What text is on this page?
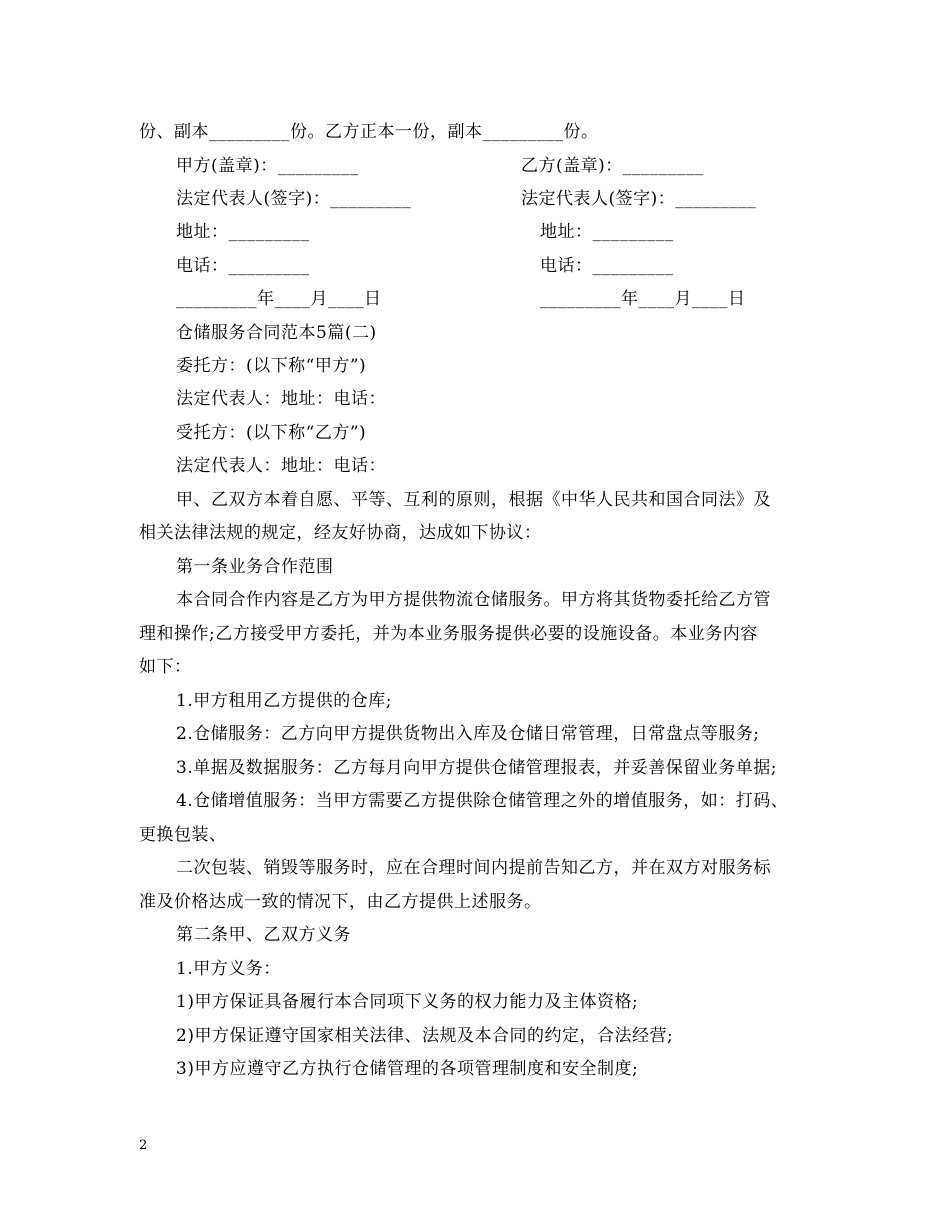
份、副本_________份。乙方正本一份，副本_________份。
甲方(盖章)：_________	乙方(盖章)：_________
法定代表人(签字)：_________	法定代表人(签字)：_________
地址：_________	地址：_________
电话：_________	电话：_________
_________年____月____日	_________年____月____日
仓储服务合同范本5篇(二)
委托方：(以下称“甲方”)
法定代表人：地址：电话：
受托方：(以下称“乙方”)
法定代表人：地址：电话：
甲、乙双方本着自愿、平等、互利的原则，根据《中华人民共和国合同法》及
相关法律法规的规定，经友好协商，达成如下协议：
第一条业务合作范围
本合同合作内容是乙方为甲方提供物流仓储服务。甲方将其货物委托给乙方管
理和操作;乙方接受甲方委托，并为本业务服务提供必要的设施设备。本业务内容
如下：
1.甲方租用乙方提供的仓库;
2.仓储服务：乙方向甲方提供货物出入库及仓储日常管理，日常盘点等服务;
3.单据及数据服务：乙方每月向甲方提供仓储管理报表，并妥善保留业务单据;
4.仓储增值服务：当甲方需要乙方提供除仓储管理之外的增值服务，如：打码、
更换包装、
二次包装、销毁等服务时，应在合理时间内提前告知乙方，并在双方对服务标
准及价格达成一致的情况下，由乙方提供上述服务。
第二条甲、乙双方义务
1.甲方义务：
1)甲方保证具备履行本合同项下义务的权力能力及主体资格;
2)甲方保证遵守国家相关法律、法规及本合同的约定，合法经营;
3)甲方应遵守乙方执行仓储管理的各项管理制度和安全制度;
2
